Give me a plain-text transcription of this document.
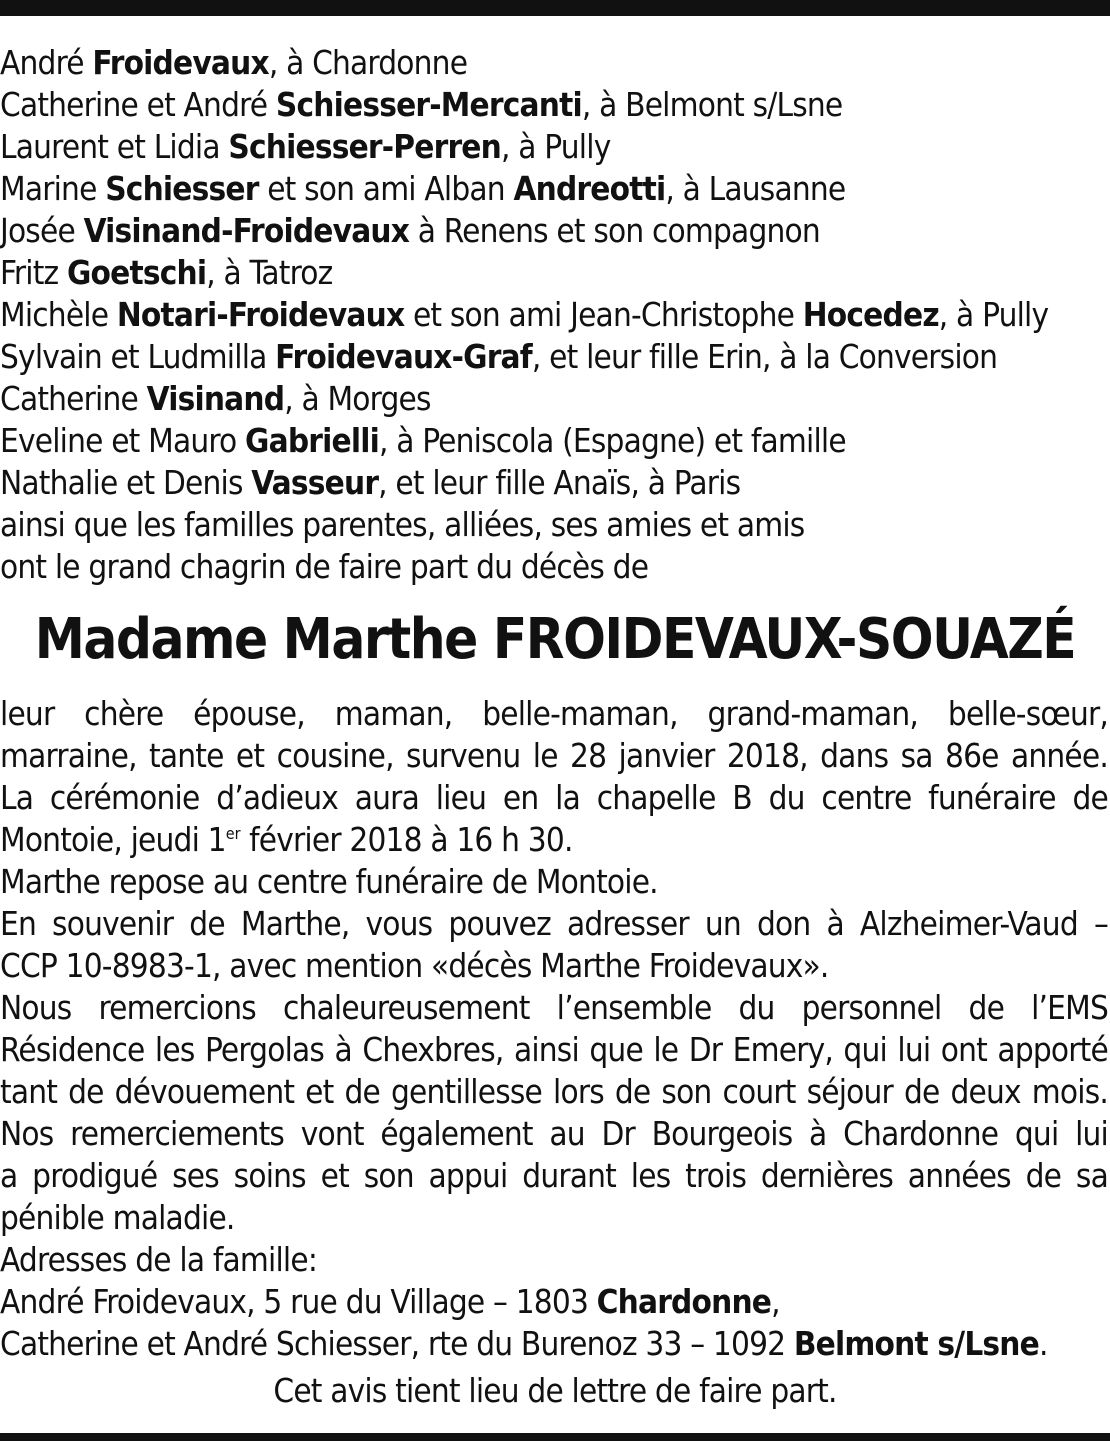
André Froidevaux, à Chardonne
Catherine et André Schiesser-Mercanti, à Belmont s/Lsne
Laurent et Lidia Schiesser-Perren, à Pully
Marine Schiesser et son ami Alban Andreotti, à Lausanne
Josée Visinand-Froidevaux à Renens et son compagnon
Fritz Goetschi, à Tatroz
Michèle Notari-Froidevaux et son ami Jean-Christophe Hocedez, à Pully
Sylvain et Ludmilla Froidevaux-Graf, et leur fille Erin, à la Conversion
Catherine Visinand, à Morges
Eveline et Mauro Gabrielli, à Peniscola (Espagne) et famille
Nathalie et Denis Vasseur, et leur fille Anaïs, à Paris
ainsi que les familles parentes, alliées, ses amies et amis
ont le grand chagrin de faire part du décès de
Madame Marthe FROIDEVAUX-SOUAZÉ
leur chère épouse, maman, belle-maman, grand-maman, belle-sœur,
marraine, tante et cousine, survenu le 28 janvier 2018, dans sa 86e année.
La cérémonie d’adieux aura lieu en la chapelle B du centre funéraire de
Montoie, jeudi 1er février 2018 à 16 h 30.
Marthe repose au centre funéraire de Montoie.
En souvenir de Marthe, vous pouvez adresser un don à Alzheimer-Vaud –
CCP 10-8983-1, avec mention «décès Marthe Froidevaux».
Nous remercions chaleureusement l’ensemble du personnel de l’EMS
Résidence les Pergolas à Chexbres, ainsi que le Dr Emery, qui lui ont apporté
tant de dévouement et de gentillesse lors de son court séjour de deux mois.
Nos remerciements vont également au Dr Bourgeois à Chardonne qui lui
a prodigué ses soins et son appui durant les trois dernières années de sa
pénible maladie.
Adresses de la famille:
André Froidevaux, 5 rue du Village – 1803 Chardonne,
Catherine et André Schiesser, rte du Burenoz 33 – 1092 Belmont s/Lsne.
Cet avis tient lieu de lettre de faire part.
